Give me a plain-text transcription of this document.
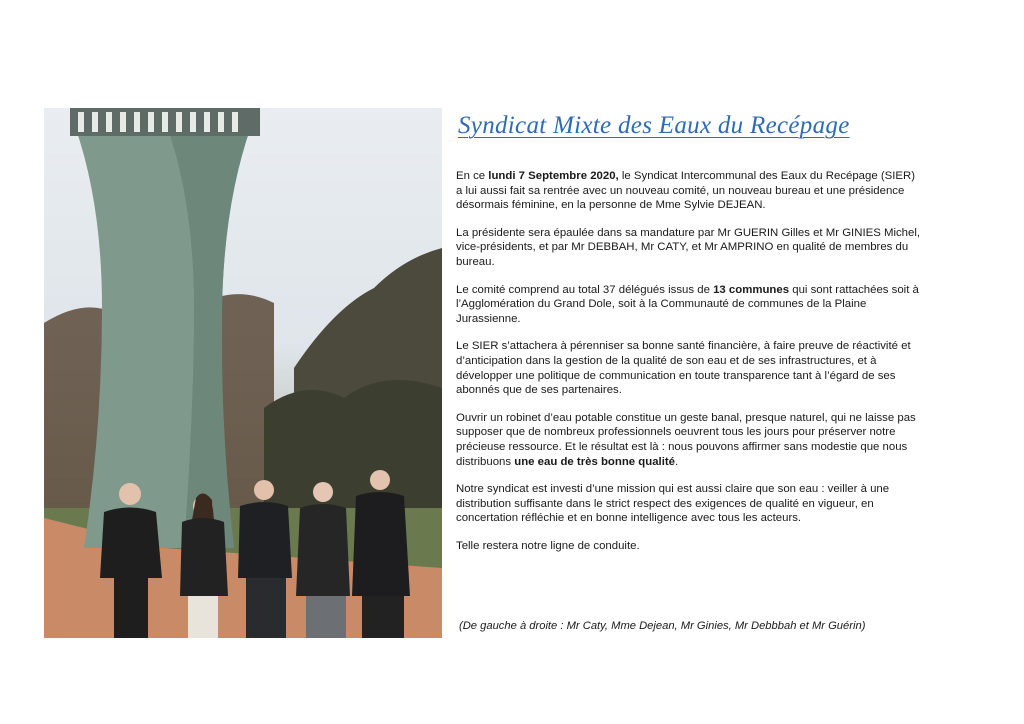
Syndicat Mixte des Eaux du Recépage

En ce lundi 7 Septembre 2020, le Syndicat Intercommunal des Eaux du Recépage (SIER) a lui aussi fait sa rentrée avec un nouveau comité, un nouveau bureau et une présidence désormais féminine, en la personne de Mme Sylvie DEJEAN.

La présidente sera épaulée dans sa mandature par Mr GUERIN Gilles et Mr GINIES Michel, vice-présidents, et par Mr DEBBAH, Mr CATY, et Mr AMPRINO en qualité de membres du bureau.

Le comité comprend au total 37 délégués issus de 13 communes qui sont rattachées soit à l’Agglomération du Grand Dole, soit à la Communauté de communes de la Plaine Jurassienne.

Le SIER s’attachera à pérenniser sa bonne santé financière, à faire preuve de réactivité et d’anticipation dans la gestion de la qualité de son eau et de ses infrastructures, et à développer une politique de communication en toute transparence tant à l’égard de ses abonnés que de ses partenaires.

Ouvrir un robinet d’eau potable constitue un geste banal, presque naturel, qui ne laisse pas supposer que de nombreux professionnels oeuvrent tous les jours pour préserver notre précieuse ressource. Et le résultat est là : nous pouvons affirmer sans modestie que nous distribuons une eau de très bonne qualité.

Notre syndicat est investi d’une mission qui est aussi claire que son eau : veiller à une distribution suffisante dans le strict respect des exigences de qualité en vigueur, en concertation réfléchie et en bonne intelligence avec tous les acteurs.

Telle restera notre ligne de conduite.

(De gauche à droite : Mr Caty, Mme Dejean, Mr Ginies, Mr Debbbah et Mr Guérin)
